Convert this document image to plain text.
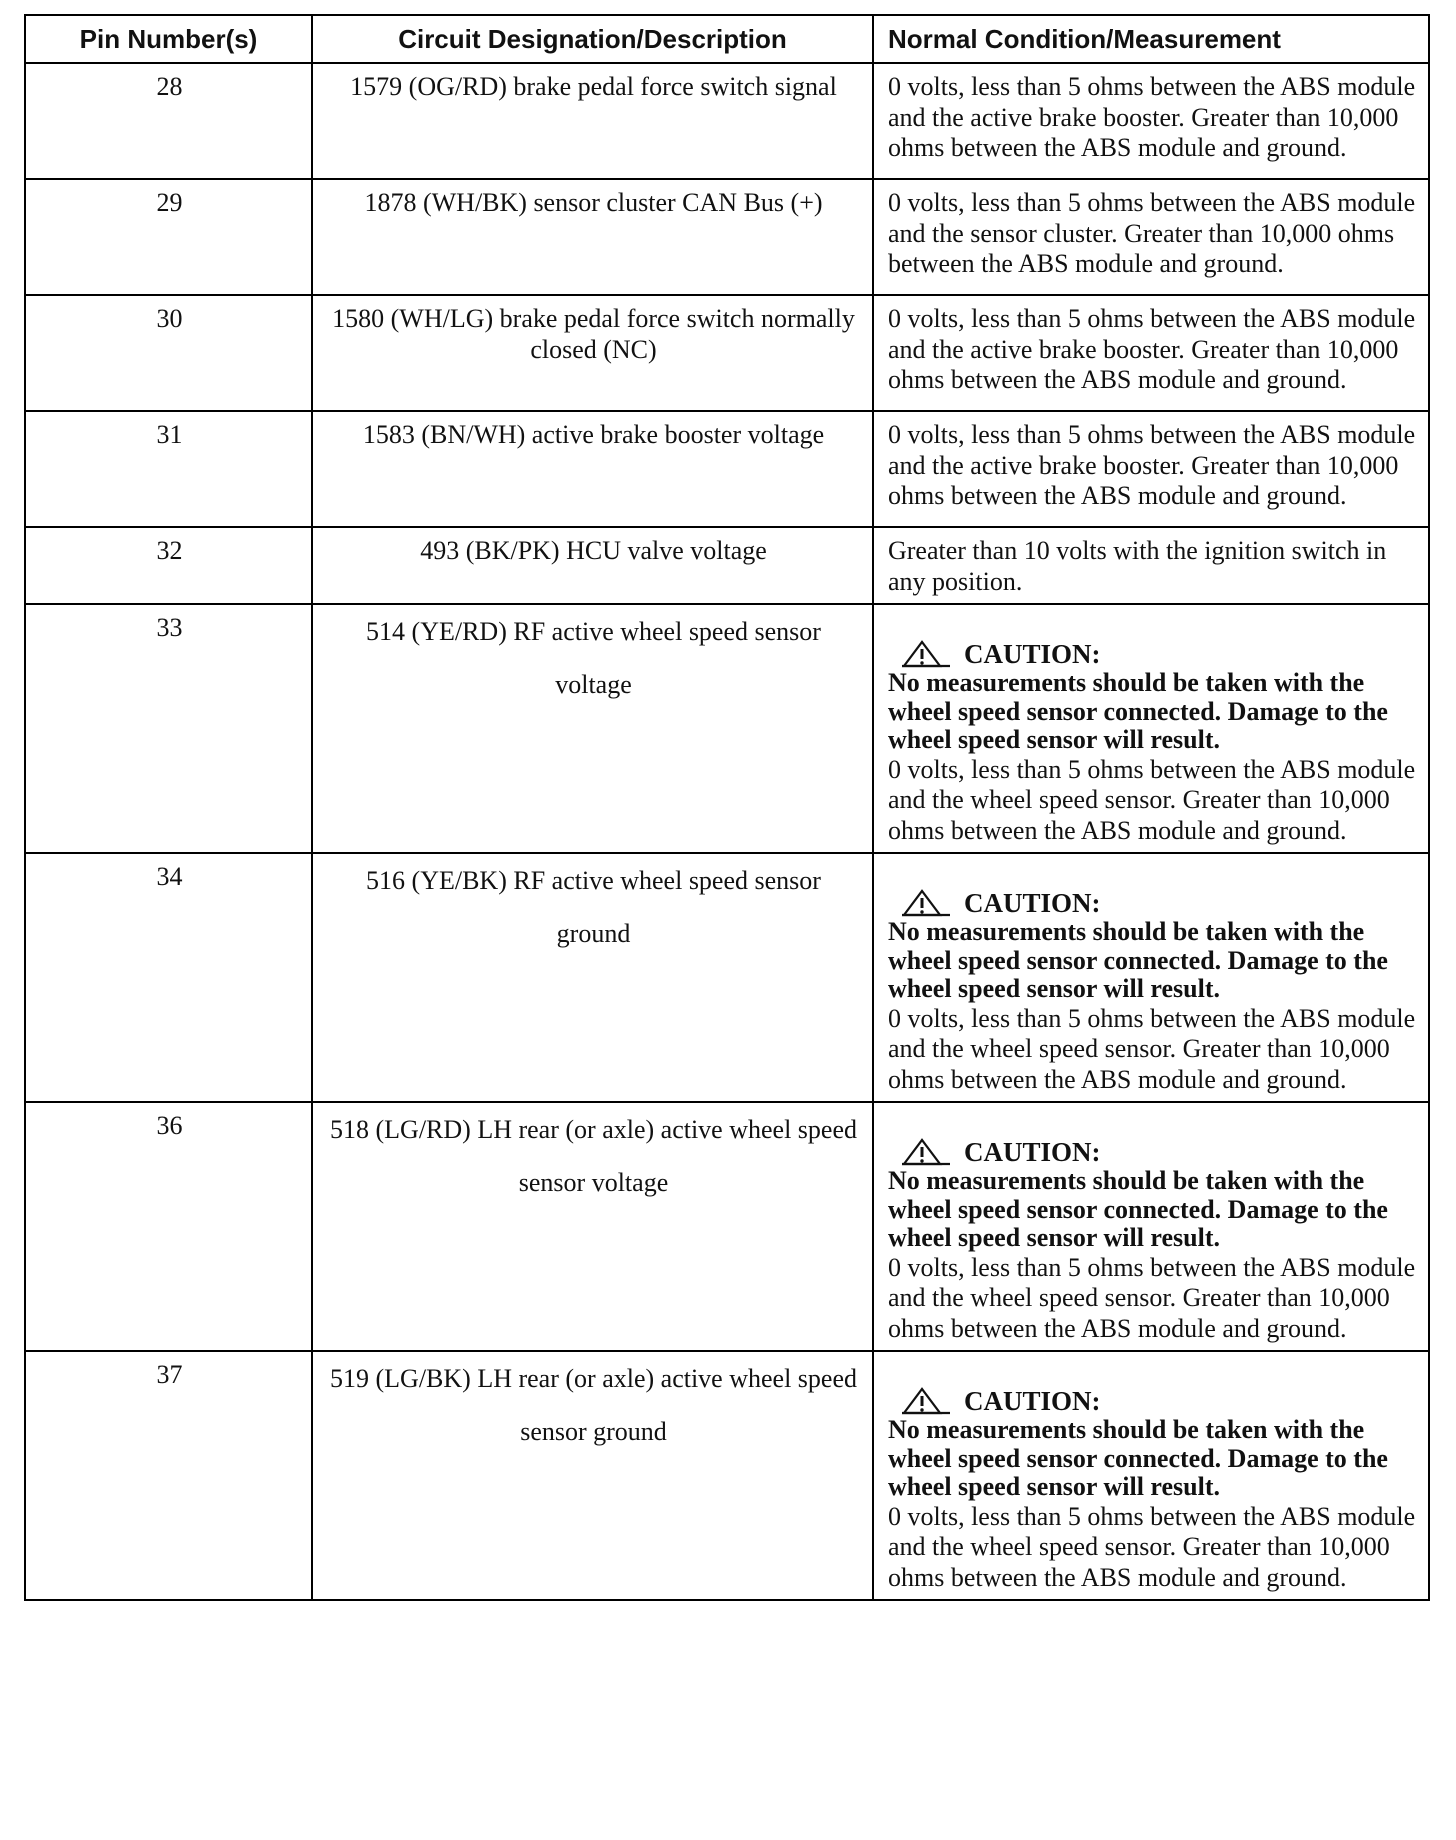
Pin Number(s)	Circuit Designation/Description	Normal Condition/Measurement
28	1579 (OG/RD) brake pedal force switch signal	0 volts, less than 5 ohms between the ABS module and the active brake booster. Greater than 10,000 ohms between the ABS module and ground.
29	1878 (WH/BK) sensor cluster CAN Bus (+)	0 volts, less than 5 ohms between the ABS module and the sensor cluster. Greater than 10,000 ohms between the ABS module and ground.
30	1580 (WH/LG) brake pedal force switch normally closed (NC)	0 volts, less than 5 ohms between the ABS module and the active brake booster. Greater than 10,000 ohms between the ABS module and ground.
31	1583 (BN/WH) active brake booster voltage	0 volts, less than 5 ohms between the ABS module and the active brake booster. Greater than 10,000 ohms between the ABS module and ground.
32	493 (BK/PK) HCU valve voltage	Greater than 10 volts with the ignition switch in any position.
33	514 (YE/RD) RF active wheel speed sensor voltage	CAUTION:
No measurements should be taken with the wheel speed sensor connected. Damage to the wheel speed sensor will result.
0 volts, less than 5 ohms between the ABS module and the wheel speed sensor. Greater than 10,000 ohms between the ABS module and ground.

34	516 (YE/BK) RF active wheel speed sensor ground	CAUTION:
No measurements should be taken with the wheel speed sensor connected. Damage to the wheel speed sensor will result.
0 volts, less than 5 ohms between the ABS module and the wheel speed sensor. Greater than 10,000 ohms between the ABS module and ground.

36	518 (LG/RD) LH rear (or axle) active wheel speed sensor voltage	CAUTION:
No measurements should be taken with the wheel speed sensor connected. Damage to the wheel speed sensor will result.
0 volts, less than 5 ohms between the ABS module and the wheel speed sensor. Greater than 10,000 ohms between the ABS module and ground.

37	519 (LG/BK) LH rear (or axle) active wheel speed sensor ground	CAUTION:
No measurements should be taken with the wheel speed sensor connected. Damage to the wheel speed sensor will result.
0 volts, less than 5 ohms between the ABS module and the wheel speed sensor. Greater than 10,000 ohms between the ABS module and ground.
